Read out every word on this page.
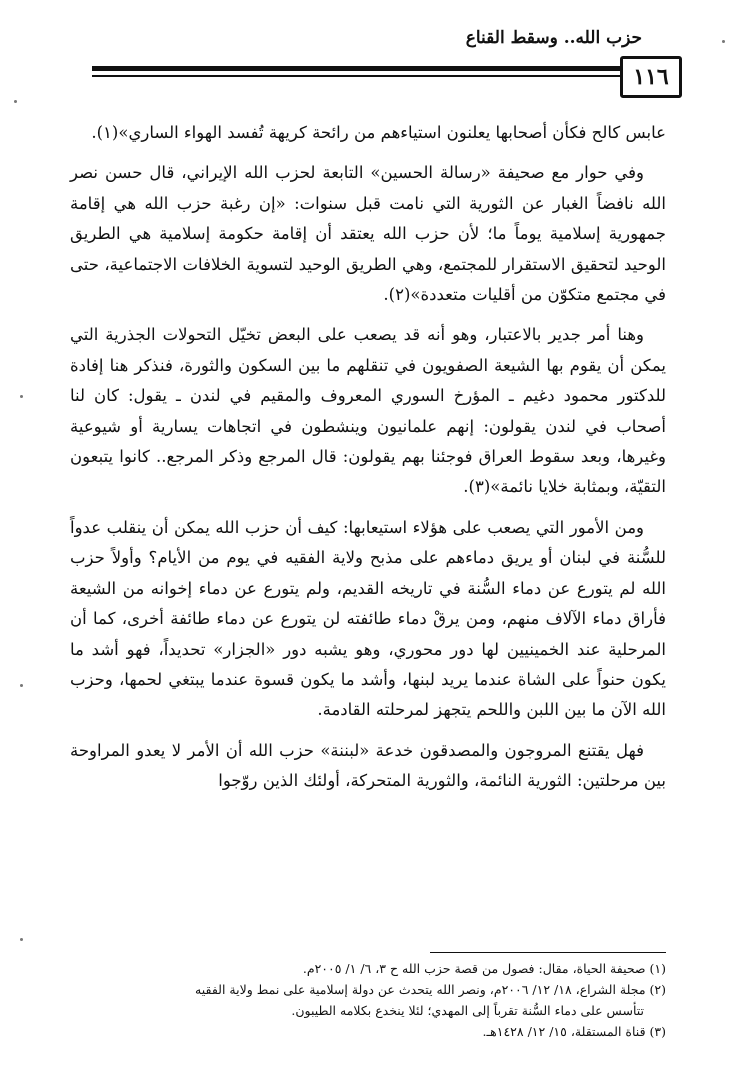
حزب الله.. وسقط القناع
١١٦

عابس كالح فكأن أصحابها يعلنون استياءهم من رائحة كريهة تُفسد الهواء الساري»(١).

وفي حوار مع صحيفة «رسالة الحسين» التابعة لحزب الله الإيراني، قال حسن نصر الله نافضاً الغبار عن الثورية التي نامت قبل سنوات: «إن رغبة حزب الله هي إقامة جمهورية إسلامية يوماً ما؛ لأن حزب الله يعتقد أن إقامة حكومة إسلامية هي الطريق الوحيد لتحقيق الاستقرار للمجتمع، وهي الطريق الوحيد لتسوية الخلافات الاجتماعية، حتى في مجتمع متكوّن من أقليات متعددة»(٢).

وهنا أمر جدير بالاعتبار، وهو أنه قد يصعب على البعض تخيّل التحولات الجذرية التي يمكن أن يقوم بها الشيعة الصفويون في تنقلهم ما بين السكون والثورة، فنذكر هنا إفادة للدكتور محمود دغيم ـ المؤرخ السوري المعروف والمقيم في لندن ـ يقول: كان لنا أصحاب في لندن يقولون: إنهم علمانيون وينشطون في اتجاهات يسارية أو شيوعية وغيرها، وبعد سقوط العراق فوجئنا بهم يقولون: قال المرجع وذكر المرجع.. كانوا يتبعون التقيّة، وبمثابة خلايا نائمة»(٣).

ومن الأمور التي يصعب على هؤلاء استيعابها: كيف أن حزب الله يمكن أن ينقلب عدواً للسُّنة في لبنان أو يريق دماءهم على مذبح ولاية الفقيه في يوم من الأيام؟ وأولاً حزب الله لم يتورع عن دماء السُّنة في تاريخه القديم، ولم يتورع عن دماء إخوانه من الشيعة فأراق دماء الآلاف منهم، ومن يرقْ دماء طائفته لن يتورع عن دماء طائفة أخرى، كما أن المرحلية عند الخمينيين لها دور محوري، وهو يشبه دور «الجزار» تحديداً، فهو أشد ما يكون حنواً على الشاة عندما يريد لبنها، وأشد ما يكون قسوة عندما يبتغي لحمها، وحزب الله الآن ما بين اللبن واللحم يتجهز لمرحلته القادمة.

فهل يقتنع المروجون والمصدقون خدعة «لبننة» حزب الله أن الأمر لا يعدو المراوحة بين مرحلتين: الثورية النائمة، والثورية المتحركة، أولئك الذين روّجوا

(١) صحيفة الحياة، مقال: فصول من قصة حزب الله ح ٣، ٦/ ١/ ٢٠٠٥م.
(٢) مجلة الشراع، ١٨/ ١٢/ ٢٠٠٦م، ونصر الله يتحدث عن دولة إسلامية على نمط ولاية الفقيه
تتأسس على دماء السُّنة تقرباً إلى المهدي؛ لئلا ينخدع بكلامه الطيبون.
(٣) قناة المستقلة، ١٥/ ١٢/ ١٤٢٨هـ.
